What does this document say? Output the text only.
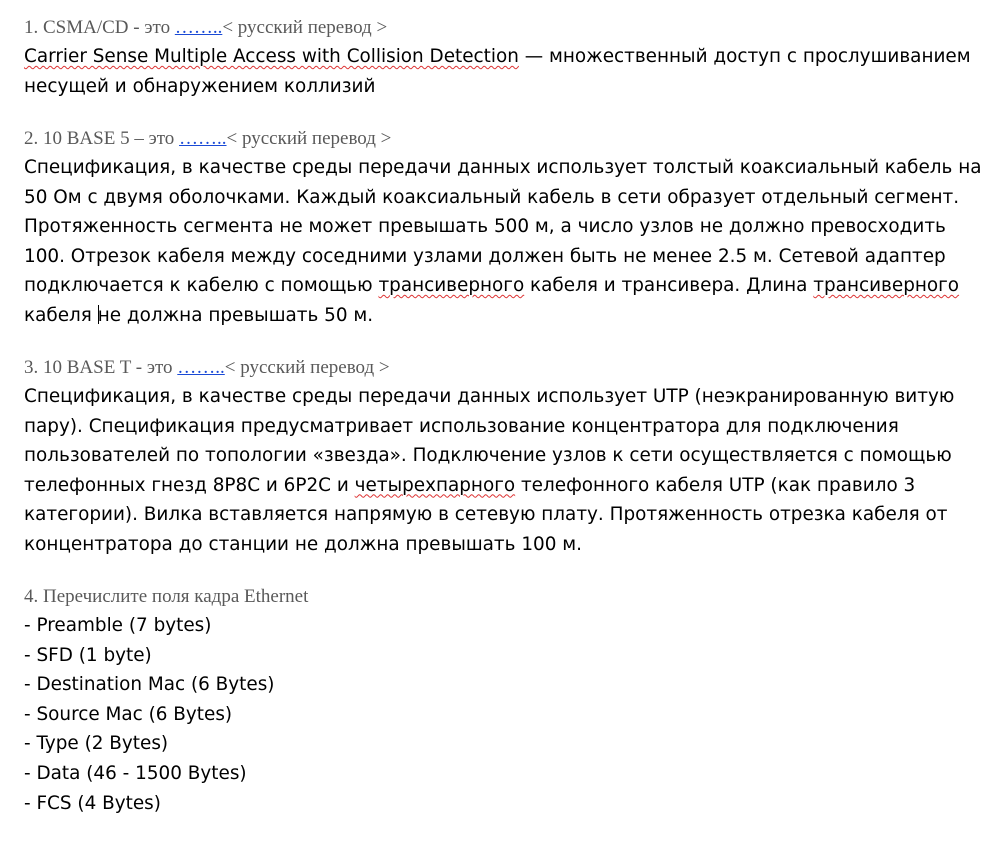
1. CSMA/CD - это ……..< русский перевод >

Carrier Sense Multiple Access with Collision Detection — множественный доступ с прослушиванием несущей и обнаружением коллизий

2. 10 BASE 5 – это ……..< русский перевод >

Спецификация, в качестве среды передачи данных использует толстый коаксиальный кабель на 50 Ом с двумя оболочками. Каждый коаксиальный кабель в сети образует отдельный сегмент. Протяженность сегмента не может превышать 500 м, а число узлов не должно превосходить 100. Отрезок кабеля между соседними узлами должен быть не менее 2.5 м. Сетевой адаптер подключается к кабелю с помощью трансиверного кабеля и трансивера. Длина трансиверного кабеля не должна превышать 50 м.

3. 10 BASE T - это ……..< русский перевод >

Спецификация, в качестве среды передачи данных использует UTP (неэкранированную витую пару). Спецификация предусматривает использование концентратора для подключения пользователей по топологии «звезда». Подключение узлов к сети осуществляется с помощью телефонных гнезд 8P8C и 6P2C и четырехпарного телефонного кабеля UTP (как правило 3 категории). Вилка вставляется напрямую в сетевую плату. Протяженность отрезка кабеля от концентратора до станции не должна превышать 100 м.

4. Перечислите поля кадра Ethernet

- Preamble (7 bytes)
- SFD (1 byte)
- Destination Mac (6 Bytes)
- Source Mac (6 Bytes)
- Type (2 Bytes)
- Data (46 - 1500 Bytes)
- FCS (4 Bytes)
